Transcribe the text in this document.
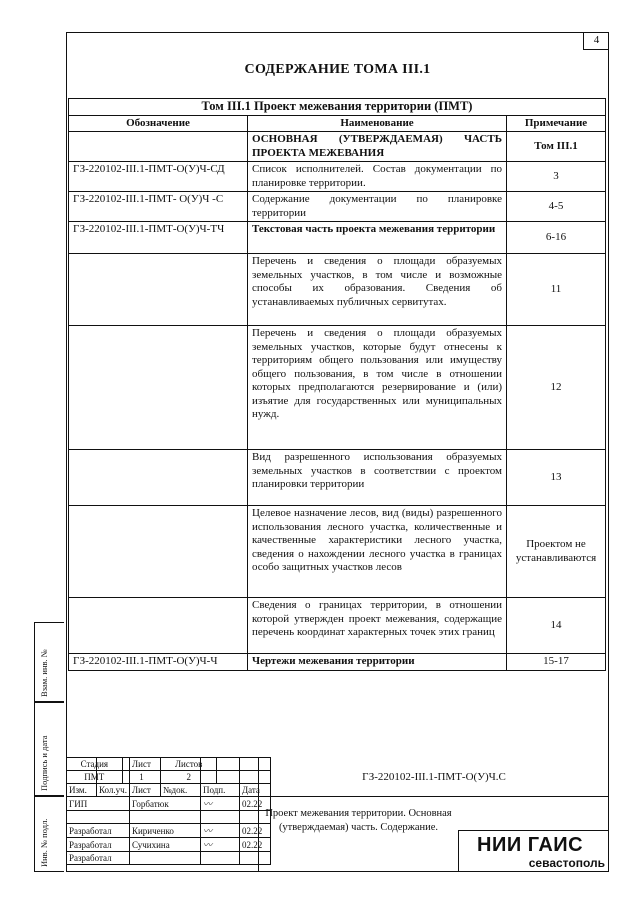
4
СОДЕРЖАНИЕ ТОМА III.1
Том III.1 Проект межевания территории (ПМТ)		
Обозначение	Наименование	Примечание
	ОСНОВНАЯ (УТВЕРЖДАЕМАЯ) ЧАСТЬ ПРОЕКТА МЕЖЕВАНИЯ	Том III.1
ГЗ-220102-III.1-ПМТ-О(У)Ч-СД	Список исполнителей. Состав документации по планировке территории.	3
ГЗ-220102-III.1-ПМТ- О(У)Ч -С	Содержание документации по планировке территории	4-5
ГЗ-220102-III.1-ПМТ-О(У)Ч-ТЧ	Текстовая часть проекта межевания территории	6-16
	Перечень и сведения о площади образуемых земельных участков, в том числе и возможные способы их образования. Сведения об устанавливаемых публичных сервитутах.	11
	Перечень и сведения о площади образуемых земельных участков, которые будут отнесены к территориям общего пользования или имуществу общего пользования, в том числе в отношении которых предполагаются резервирование и (или) изъятие для государственных или муниципальных нужд.	12
	Вид разрешенного использования образуемых земельных участков в соответствии с проектом планировки территории	13
	Целевое назначение лесов, вид (виды) разрешенного использования лесного участка, количественные и качественные характеристики лесного участка, сведения о нахождении лесного участка в границах особо защитных участков лесов	Проектом не устанавливаются
	Сведения о границах территории, в отношении которой утвержден проект межевания, содержащие перечень координат характерных точек этих границ	14
ГЗ-220102-III.1-ПМТ-О(У)Ч-Ч	Чертежи межевания территории	15-17
Взам. инв. №
Подпись и дата
Инв. № подл.

Изм.	Кол.уч.	Лист	№док.	Подп.	Дата
ГИП		Горбатюк		〰	02.22

Разработал		Кириченко		〰	02.22
Разработал		Сучихина		〰	02.22
Разработал					
ГЗ-220102-III.1-ПМТ-О(У)Ч.С
Проект межевания территории. Основная (утверждаемая) часть. Содержание.
Стадия	Лист	Листов
ПМТ	1	2
НИИ ГАИС
севастополь
